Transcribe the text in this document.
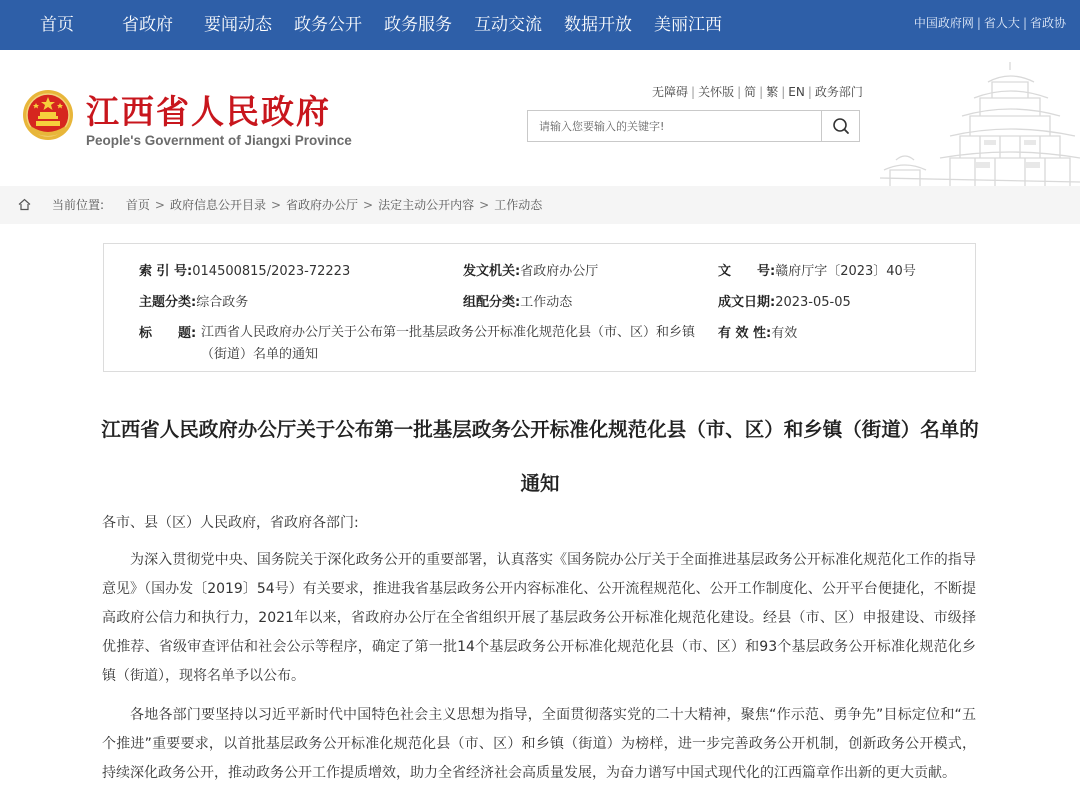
首页	省政府 要闻动态 政务公开 政务服务 互动交流 数据开放 美丽江西	中国政府网 | 省人大 | 省政协
江西省人民政府
People's Government of Jiangxi Province
无障碍 | 关怀版 | 简 | 繁 | EN | 政务部门
请输入您要输入的关键字!
当前位置: 首页 > 政府信息公开目录 > 省政府办公厅 > 法定主动公开内容 > 工作动态
索 引 号:014500815/2023-72223	发文机关:省政府办公厅	文　　号:赣府厅字〔2023〕40号
主题分类:综合政务	组配分类:工作动态	成文日期:2023-05-05
标　　题: 江西省人民政府办公厅关于公布第一批基层政务公开标准化规范化县（市、区）和乡镇（街道）名单的通知
有 效 性:有效
江西省人民政府办公厅关于公布第一批基层政务公开标准化规范化县（市、区）和乡镇（街道）名单的通知

各市、县（区）人民政府，省政府各部门:

为深入贯彻党中央、国务院关于深化政务公开的重要部署，认真落实《国务院办公厅关于全面推进基层政务公开标准化规范化工作的指导意见》（国办发〔2019〕54号）有关要求，推进我省基层政务公开内容标准化、公开流程规范化、公开工作制度化、公开平台便捷化，不断提高政府公信力和执行力，2021年以来，省政府办公厅在全省组织开展了基层政务公开标准化规范化建设。经县（市、区）申报建设、市级择优推荐、省级审查评估和社会公示等程序，确定了第一批14个基层政务公开标准化规范化县（市、区）和93个基层政务公开标准化规范化乡镇（街道），现将名单予以公布。

各地各部门要坚持以习近平新时代中国特色社会主义思想为指导，全面贯彻落实党的二十大精神，聚焦“作示范、勇争先”目标定位和“五个推进”重要要求，以首批基层政务公开标准化规范化县（市、区）和乡镇（街道）为榜样，进一步完善政务公开机制，创新政务公开模式，持续深化政务公开，推动政务公开工作提质增效，助力全省经济社会高质量发展，为奋力谱写中国式现代化的江西篇章作出新的更大贡献。
